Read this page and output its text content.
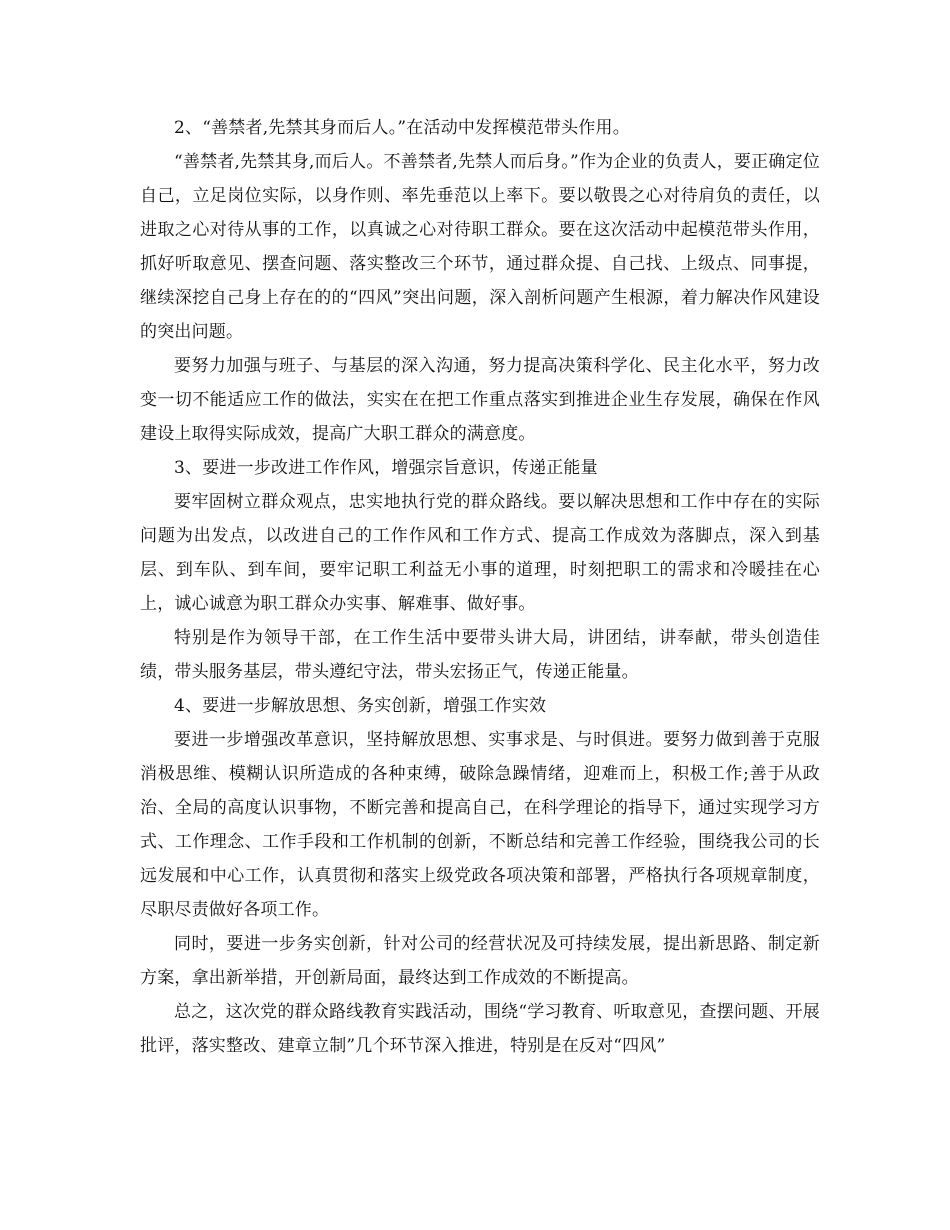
2、“善禁者,先禁其身而后人。”在活动中发挥模范带头作用。

“善禁者,先禁其身,而后人。不善禁者,先禁人而后身。”作为企业的负责人，要正确定位自己，立足岗位实际，以身作则、率先垂范以上率下。要以敬畏之心对待肩负的责任，以进取之心对待从事的工作，以真诚之心对待职工群众。要在这次活动中起模范带头作用，抓好听取意见、摆查问题、落实整改三个环节，通过群众提、自己找、上级点、同事提，继续深挖自己身上存在的的“四风”突出问题，深入剖析问题产生根源，着力解决作风建设的突出问题。

要努力加强与班子、与基层的深入沟通，努力提高决策科学化、民主化水平，努力改变一切不能适应工作的做法，实实在在把工作重点落实到推进企业生存发展，确保在作风建设上取得实际成效，提高广大职工群众的满意度。

3、要进一步改进工作作风，增强宗旨意识，传递正能量

要牢固树立群众观点，忠实地执行党的群众路线。要以解决思想和工作中存在的实际问题为出发点，以改进自己的工作作风和工作方式、提高工作成效为落脚点，深入到基层、到车队、到车间，要牢记职工利益无小事的道理，时刻把职工的需求和冷暖挂在心上，诚心诚意为职工群众办实事、解难事、做好事。

特别是作为领导干部，在工作生活中要带头讲大局，讲团结，讲奉献，带头创造佳绩，带头服务基层，带头遵纪守法，带头宏扬正气，传递正能量。

4、要进一步解放思想、务实创新，增强工作实效

要进一步增强改革意识，坚持解放思想、实事求是、与时俱进。要努力做到善于克服消极思维、模糊认识所造成的各种束缚，破除急躁情绪，迎难而上，积极工作;善于从政治、全局的高度认识事物，不断完善和提高自己，在科学理论的指导下，通过实现学习方式、工作理念、工作手段和工作机制的创新，不断总结和完善工作经验，围绕我公司的长远发展和中心工作，认真贯彻和落实上级党政各项决策和部署，严格执行各项规章制度，尽职尽责做好各项工作。

同时，要进一步务实创新，针对公司的经营状况及可持续发展，提出新思路、制定新方案，拿出新举措，开创新局面，最终达到工作成效的不断提高。

总之，这次党的群众路线教育实践活动，围绕“学习教育、听取意见，查摆问题、开展批评，落实整改、建章立制”几个环节深入推进，特别是在反对“四风”
